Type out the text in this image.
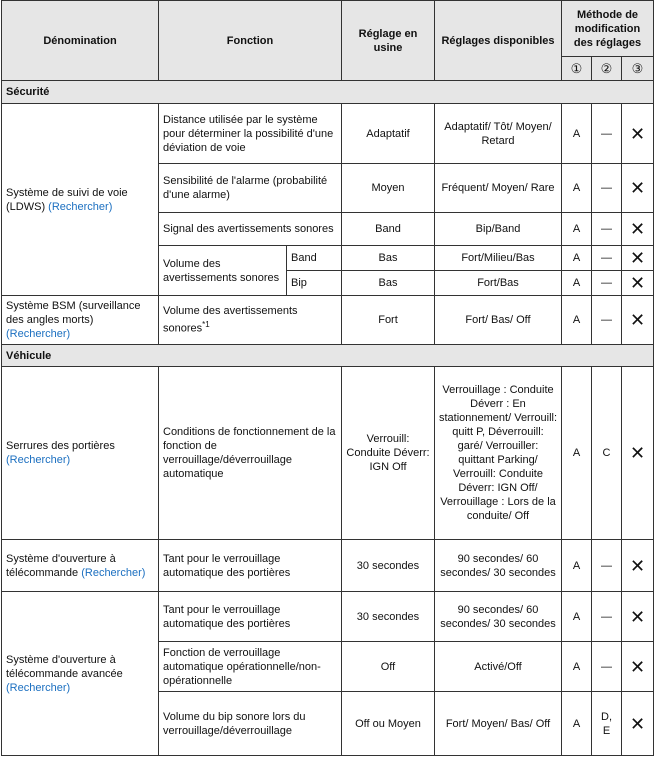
Dénomination	Fonction		Réglage en usine	Réglages disponibles	Méthode de modification des réglages		
					①	②	③
Sécurité							
Système de suivi de voie (LDWS) (Rechercher)	Distance utilisée par le système pour déterminer la possibilité d'une déviation de voie		Adaptatif	Adaptatif/ Tôt/ Moyen/ Retard	A	—	✕
	Sensibilité de l'alarme (probabilité d'une alarme)		Moyen	Fréquent/ Moyen/ Rare	A	—	✕
	Signal des avertissements sonores		Band	Bip/Band	A	—	✕
	Volume des avertissements sonores	Band	Bas	Fort/Milieu/Bas	A	—	✕
		Bip	Bas	Fort/Bas	A	—	✕
Système BSM (surveillance des angles morts) (Rechercher)	Volume des avertissements sonores$^{*1}$		Fort	Fort/ Bas/ Off	A	—	✕
Véhicule							
Serrures des portières (Rechercher)	Conditions de fonctionnement de la fonction de verrouillage/déverrouillage automatique		Verrouill: Conduite Déverr: IGN Off	Verrouillage : Conduite Déverr : En stationnement/ Verrouill: quitt P, Déverrouill: garé/ Verrouiller: quittant Parking/ Verrouill: Conduite Déverr: IGN Off/ Verrouillage : Lors de la conduite/ Off	A	C	✕
Système d'ouverture à télécommande (Rechercher)	Tant pour le verrouillage automatique des portières		30 secondes	90 secondes/ 60 secondes/ 30 secondes	A	—	✕
Système d'ouverture à télécommande avancée (Rechercher)	Tant pour le verrouillage automatique des portières		30 secondes	90 secondes/ 60 secondes/ 30 secondes	A	—	✕
	Fonction de verrouillage automatique opérationnelle/non-opérationnelle		Off	Activé/Off	A	—	✕
	Volume du bip sonore lors du verrouillage/déverrouillage		Off ou Moyen	Fort/ Moyen/ Bas/ Off	A	D, E	✕
